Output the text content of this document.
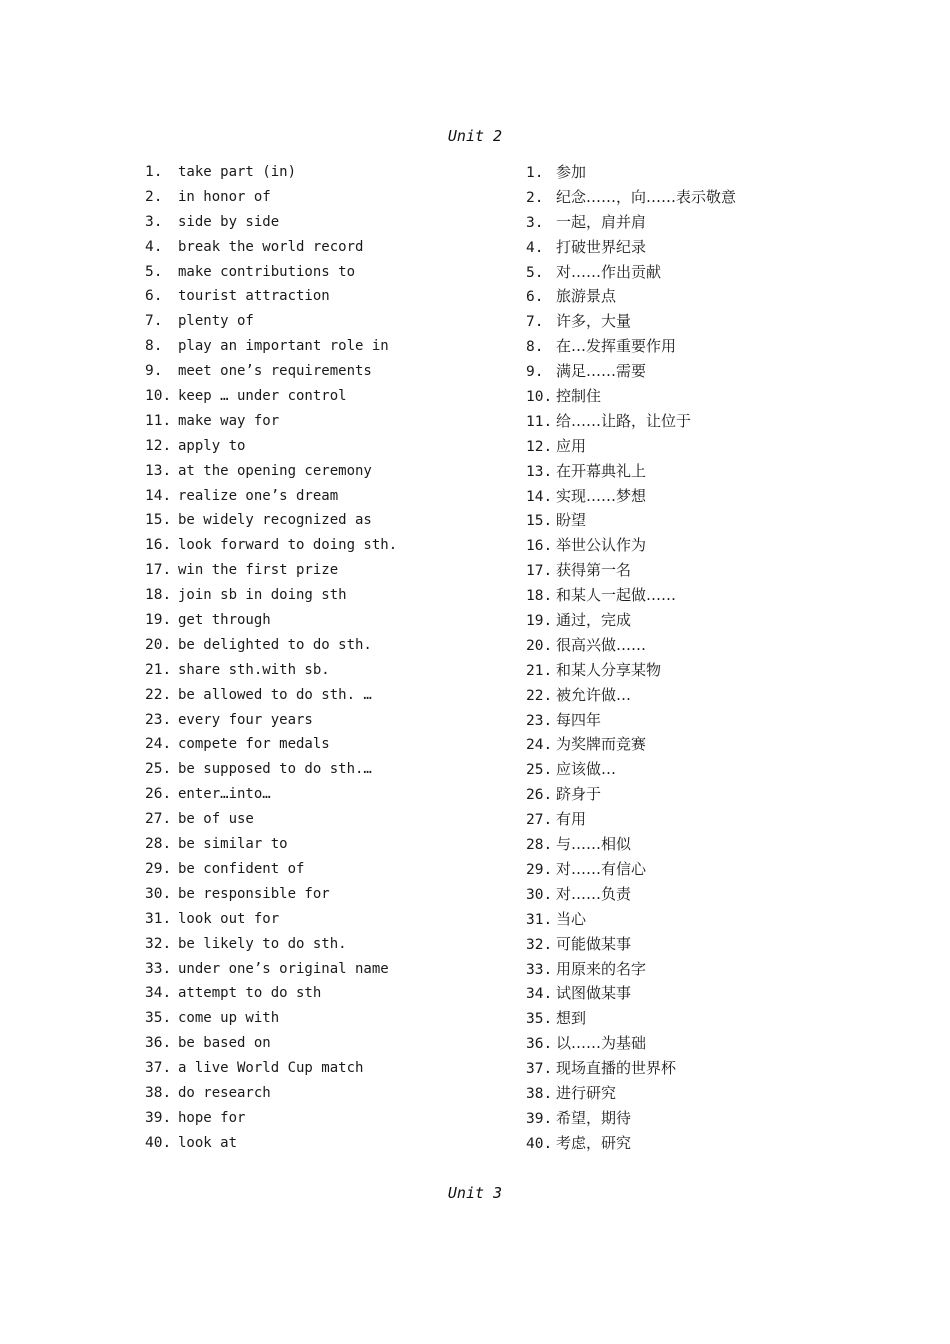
Unit 2
1. take part (in)
2. in honor of
3. side by side
4. break the world record
5. make contributions to
6. tourist attraction
7. plenty of
8. play an important role in
9. meet one’s requirements
10. keep … under control
11. make way for
12. apply to
13. at the opening ceremony
14. realize one’s dream
15. be widely recognized as
16. look forward to doing sth.
17. win the first prize
18. join sb in doing sth
19. get through
20. be delighted to do sth.
21. share sth.with sb.
22. be allowed to do sth. …
23. every four years
24. compete for medals
25. be supposed to do sth.…
26. enter…into…
27. be of use
28. be similar to
29. be confident of
30. be responsible for
31. look out for
32. be likely to do sth.
33. under one’s original name
34. attempt to do sth
35. come up with
36. be based on
37. a live World Cup match
38. do research
39. hope for
40. look at
1. 参加
2. 纪念……，向……表示敬意
3. 一起，肩并肩
4. 打破世界纪录
5. 对……作出贡献
6. 旅游景点
7. 许多，大量
8. 在…发挥重要作用
9. 满足……需要
10. 控制住
11. 给……让路，让位于
12. 应用
13. 在开幕典礼上
14. 实现……梦想
15. 盼望
16. 举世公认作为
17. 获得第一名
18. 和某人一起做……
19. 通过，完成
20. 很高兴做……
21. 和某人分享某物
22. 被允许做…
23. 每四年
24. 为奖牌而竞赛
25. 应该做…
26. 跻身于
27. 有用
28. 与……相似
29. 对……有信心
30. 对……负责
31. 当心
32. 可能做某事
33. 用原来的名字
34. 试图做某事
35. 想到
36. 以……为基础
37. 现场直播的世界杯
38. 进行研究
39. 希望，期待
40. 考虑，研究
Unit 3
